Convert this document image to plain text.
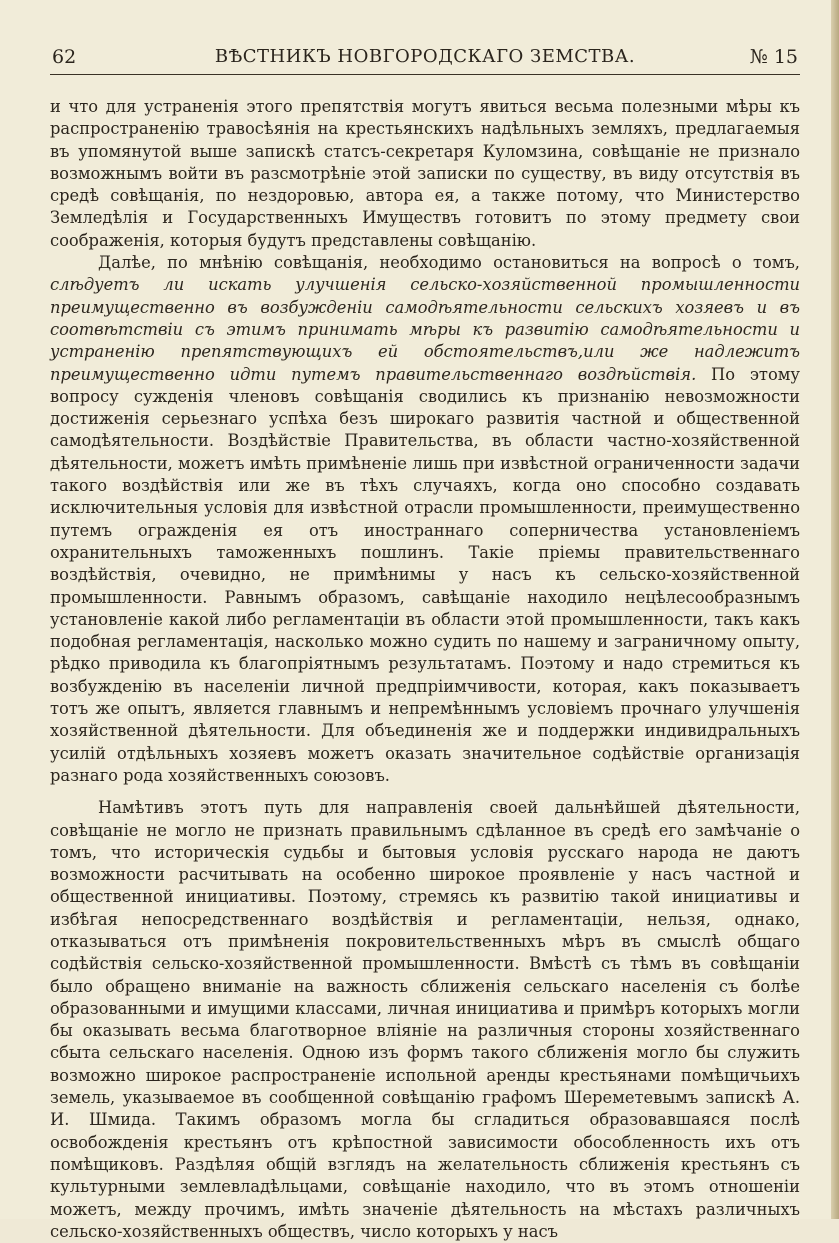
62	ВѢСТНИКЪ НОВГОРОДСКАГО ЗЕМСТВА.	№ 15

и что для устраненія этого препятствія могутъ явиться весьма полезными мѣры къ распространенію травосѣянія на крестьянскихъ надѣльныхъ земляхъ, предлагаемыя въ упомянутой выше запискѣ статсъ-секретаря Куломзина, совѣщаніе не признало возможнымъ войти въ разсмотрѣніе этой записки по существу, въ виду отсутствія въ средѣ совѣщанія, по нездоровью, автора ея, а также потому, что Министерство Земледѣлія и Государственныхъ Имуществъ готовитъ по этому предмету свои соображенія, которыя будутъ представлены совѣщанію.

Далѣе, по мнѣнію совѣщанія, необходимо остановиться на вопросѣ о томъ, слѣдуетъ ли искать улучшенія сельско-хозяйственной промышленности преимущественно въ возбужденіи самодѣятельности сельскихъ хозяевъ и въ соотвѣтствіи съ этимъ принимать мѣры къ развитію самодѣятельности и устраненію препятствующихъ ей обстоятельствъ,или же надлежитъ преимущественно идти путемъ правительственнаго воздѣйствія. По этому вопросу сужденія членовъ совѣщанія сводились къ признанію невозможности достиженія серьезнаго успѣха безъ широкаго развитія частной и общественной самодѣятельности. Воздѣйствіе Правительства, въ области частно-хозяйственной дѣятельности, можетъ имѣть примѣненіе лишь при извѣстной ограниченности задачи такого воздѣйствія или же въ тѣхъ случаяхъ, когда оно способно создавать исключительныя условія для извѣстной отрасли промышленности, преимущественно путемъ огражденія ея отъ иностраннаго соперничества установленіемъ охранительныхъ таможенныхъ пошлинъ. Такіе пріемы правительственнаго воздѣйствія, очевидно, не примѣнимы у насъ къ сельско-хозяйственной промышленности. Равнымъ образомъ, савѣщаніе находило нецѣлесообразнымъ установленіе какой либо регламентаціи въ области этой промышленности, такъ какъ подобная регламентація, насколько можно судить по нашему и заграничному опыту, рѣдко приводила къ благопріятнымъ результатамъ. Поэтому и надо стремиться къ возбужденію въ населеніи личной предпріимчивости, которая, какъ показываетъ тотъ же опытъ, является главнымъ и непремѣннымъ условіемъ прочнаго улучшенія хозяйственной дѣятельности. Для объединенія же и поддержки индивидральныхъ усилій отдѣльныхъ хозяевъ можетъ оказать значительное содѣйствіе организація разнаго рода хозяйственныхъ союзовъ.

Намѣтивъ этотъ путь для направленія своей дальнѣйшей дѣятельности, совѣщаніе не могло не признать правильнымъ сдѣланное въ средѣ его замѣчаніе о томъ, что историческія судьбы и бытовыя условія русскаго народа не даютъ возможности расчитывать на особенно широкое проявленіе у насъ частной и общественной инициативы. Поэтому, стремясь къ развитію такой инициативы и избѣгая непосредственнаго воздѣйствія и регламентаціи, нельзя, однако, отказываться отъ примѣненія покровительственныхъ мѣръ въ смыслѣ общаго содѣйствія сельско-хозяйственной промышленности. Вмѣстѣ съ тѣмъ въ совѣщаніи было обращено вниманіе на важность сближенія сельскаго населенія съ болѣе образованными и имущими классами, личная инициатива и примѣръ которыхъ могли бы оказывать весьма благотворное вліяніе на различныя стороны хозяйственнаго сбыта сельскаго населенія. Одною изъ формъ такого сближенія могло бы служить возможно широкое распространеніе испольной аренды крестьянами помѣщичьихъ земель, указываемое въ сообщенной совѣщанію графомъ Шереметевымъ запискѣ А. И. Шмида. Такимъ образомъ могла бы сгладиться образовавшаяся послѣ освобожденія крестьянъ отъ крѣпостной зависимости обособленность ихъ отъ помѣщиковъ. Раздѣляя общій взглядъ на желательность сближенія крестьянъ съ культурными землевладѣльцами, совѣщаніе находило, что въ этомъ отношеніи можетъ, между прочимъ, имѣть значеніе дѣятельность на мѣстахъ различныхъ сельско-хозяйственныхъ обществъ, число которыхъ у насъ
